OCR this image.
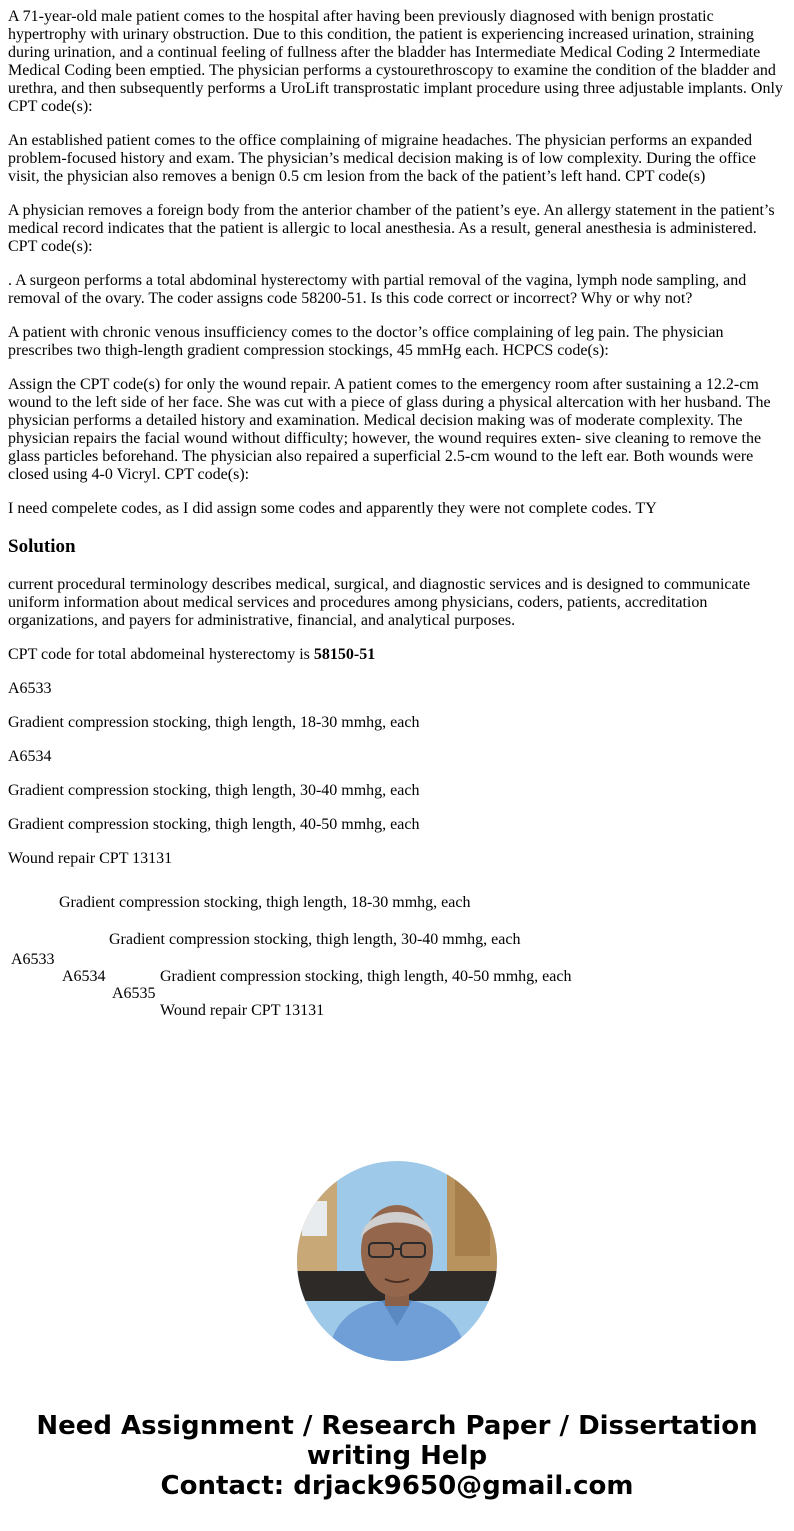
A 71-year-old male patient comes to the hospital after having been previously diagnosed with benign prostatic hypertrophy with urinary obstruction. Due to this condition, the patient is experiencing increased urination, straining during urination, and a continual feeling of fullness after the bladder has Intermediate Medical Coding 2 Intermediate Medical Coding been emptied. The physician performs a cystourethroscopy to examine the condition of the bladder and urethra, and then subsequently performs a UroLift transprostatic implant procedure using three adjustable implants. Only CPT code(s):

An established patient comes to the office complaining of migraine headaches. The physician performs an expanded problem-focused history and exam. The physician’s medical decision making is of low complexity. During the office visit, the physician also removes a benign 0.5 cm lesion from the back of the patient’s left hand. CPT code(s)

A physician removes a foreign body from the anterior chamber of the patient’s eye. An allergy statement in the patient’s medical record indicates that the patient is allergic to local anesthesia. As a result, general anesthesia is administered. CPT code(s):

. A surgeon performs a total abdominal hysterectomy with partial removal of the vagina, lymph node sampling, and removal of the ovary. The coder assigns code 58200-51. Is this code correct or incorrect? Why or why not?

A patient with chronic venous insufficiency comes to the doctor’s office complaining of leg pain. The physician prescribes two thigh-length gradient compression stockings, 45 mmHg each. HCPCS code(s):

Assign the CPT code(s) for only the wound repair. A patient comes to the emergency room after sustaining a 12.2-cm wound to the left side of her face. She was cut with a piece of glass during a physical altercation with her husband. The physician performs a detailed history and examination. Medical decision making was of moderate complexity. The physician repairs the facial wound without difficulty; however, the wound requires exten- sive cleaning to remove the glass particles beforehand. The physician also repaired a superficial 2.5-cm wound to the left ear. Both wounds were closed using 4-0 Vicryl. CPT code(s):

I need compelete codes, as I did assign some codes and apparently they were not complete codes. TY

Solution

current procedural terminology describes medical, surgical, and diagnostic services and is designed to communicate uniform information about medical services and procedures among physicians, coders, patients, accreditation organizations, and payers for administrative, financial, and analytical purposes.

CPT code for total abdomeinal hysterectomy is 58150-51

A6533

Gradient compression stocking, thigh length, 18-30 mmhg, each

A6534

Gradient compression stocking, thigh length, 30-40 mmhg, each

Gradient compression stocking, thigh length, 40-50 mmhg, each

Wound repair CPT 13131

Gradient compression stocking, thigh length, 18-30 mmhg, each
Gradient compression stocking, thigh length, 30-40 mmhg, each
A6533
A6534	Gradient compression stocking, thigh length, 40-50 mmhg, each
A6535
Wound repair CPT 13131
Need Assignment / Research Paper / Dissertation
writing Help
Contact: drjack9650@gmail.com
